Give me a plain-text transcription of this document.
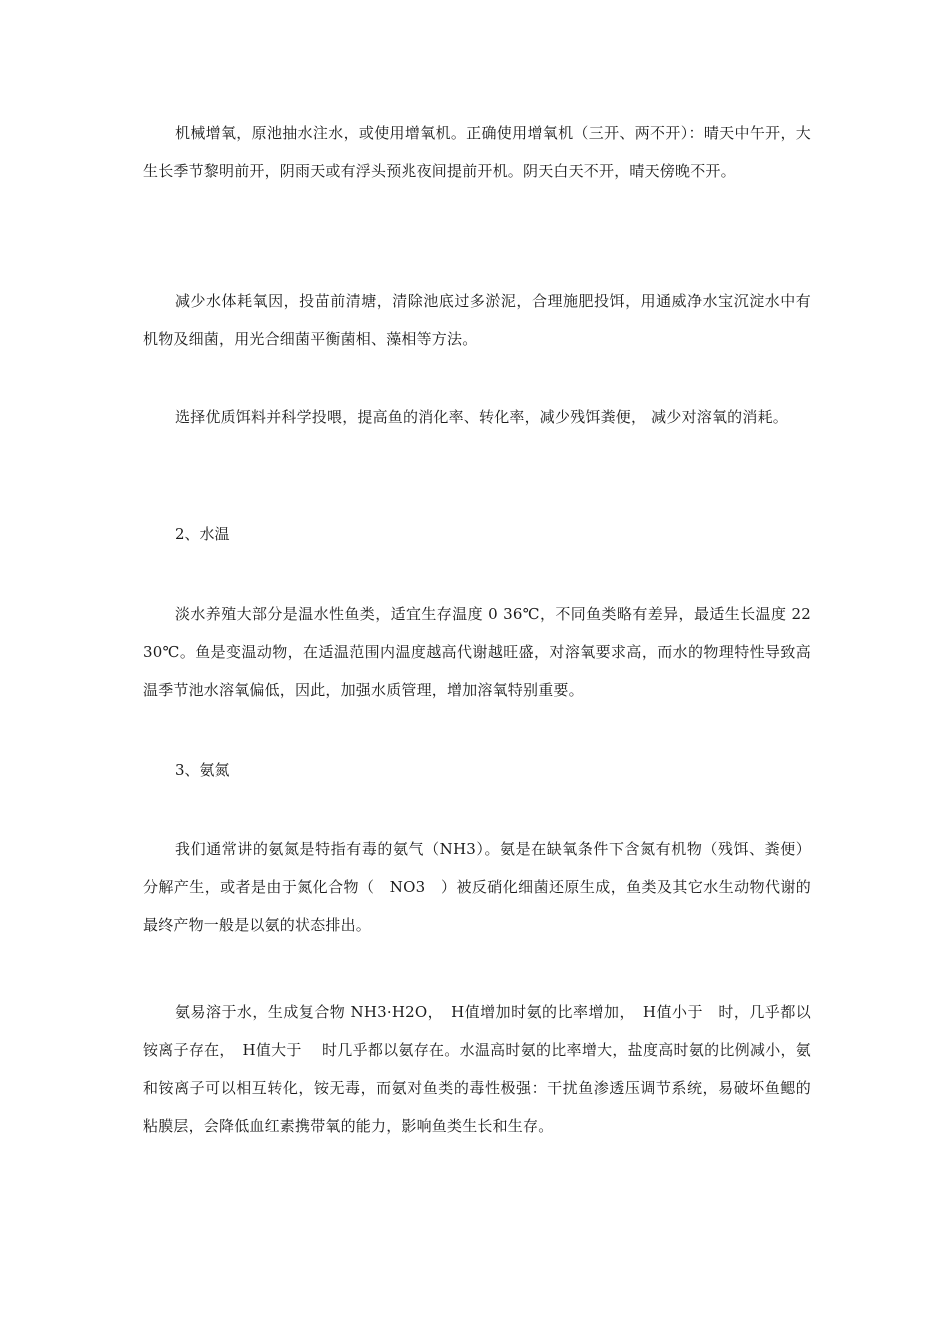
机械增氧，原池抽水注水，或使用增氧机。正确使用增氧机（三开、两不开）：晴天中午开，大生长季节黎明前开，阴雨天或有浮头预兆夜间提前开机。阴天白天不开，晴天傍晚不开。

减少水体耗氧因，投苗前清塘，清除池底过多淤泥，合理施肥投饵，用通威净水宝沉淀水中有机物及细菌，用光合细菌平衡菌相、藻相等方法。

选择优质饵料并科学投喂，提高鱼的消化率、转化率，减少残饵粪便， 减少对溶氧的消耗。

2、水温

淡水养殖大部分是温水性鱼类，适宜生存温度 0 36℃，不同鱼类略有差异，最适生长温度 22 30℃。鱼是变温动物，在适温范围内温度越高代谢越旺盛，对溶氧要求高，而水的物理特性导致高温季节池水溶氧偏低，因此，加强水质管理，增加溶氧特别重要。

3、氨氮

我们通常讲的氨氮是特指有毒的氨气（NH3）。氨是在缺氧条件下含氮有机物（残饵、粪便）分解产生，或者是由于氮化合物（　NO3　）被反硝化细菌还原生成，鱼类及其它水生动物代谢的最终产物一般是以氨的状态排出。

氨易溶于水，生成复合物 NH3·H2O，　H值增加时氨的比率增加，　H值小于　时，几乎都以铵离子存在，　H值大于　 时几乎都以氨存在。水温高时氨的比率增大，盐度高时氨的比例减小，氨和铵离子可以相互转化，铵无毒，而氨对鱼类的毒性极强：干扰鱼渗透压调节系统，易破坏鱼鳃的粘膜层，会降低血红素携带氧的能力，影响鱼类生长和生存。
